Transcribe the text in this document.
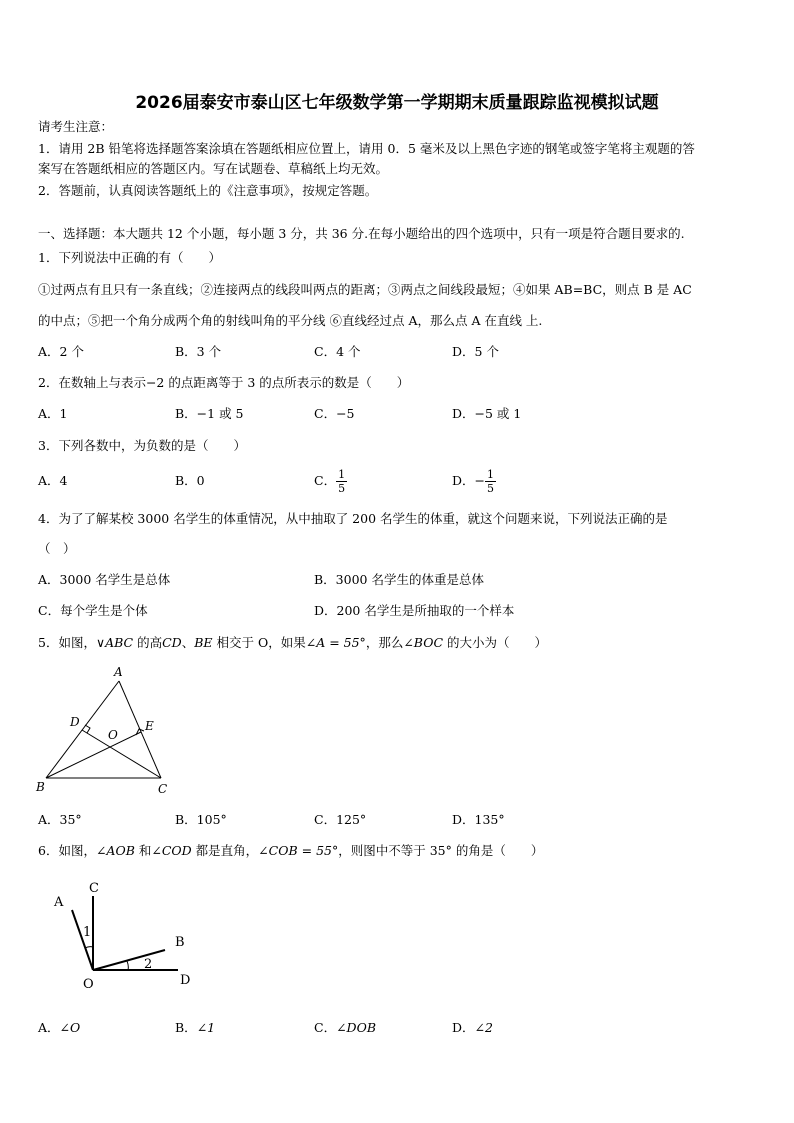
2026届泰安市泰山区七年级数学第一学期期末质量跟踪监视模拟试题
请考生注意：
1．请用 2B 铅笔将选择题答案涂填在答题纸相应位置上，请用 0．5 毫米及以上黑色字迹的钢笔或签字笔将主观题的答
案写在答题纸相应的答题区内。写在试题卷、草稿纸上均无效。
2．答题前，认真阅读答题纸上的《注意事项》，按规定答题。
一、选择题：本大题共 12 个小题，每小题 3 分，共 36 分.在每小题给出的四个选项中，只有一项是符合题目要求的.
1．下列说法中正确的有（　　）
①过两点有且只有一条直线；②连接两点的线段叫两点的距离；③两点之间线段最短；④如果 AB=BC，则点 B 是 AC
的中点；⑤把一个角分成两个角的射线叫角的平分线 ⑥直线经过点 A，那么点 A 在直线 上.
A．2 个	B．3 个	C．4 个	D．5 个
2．在数轴上与表示−2 的点距离等于 3 的点所表示的数是（　　）
A．1	B．−1 或 5	C．−5	D．−5 或 1
3．下列各数中，为负数的是（　　）
A．4	B．0	C． $\frac{1}{5}$	D．− $\frac{1}{5}$
4．为了了解某校 3000 名学生的体重情况，从中抽取了 200 名学生的体重，就这个问题来说，下列说法正确的是
（　）
A．3000 名学生是总体	B．3000 名学生的体重是总体
C．每个学生是个体	D．200 名学生是所抽取的一个样本
5．如图，∨ABC 的高CD、BE 相交于 O，如果∠A = 55°，那么∠BOC 的大小为（　　）
A
B	C
D	E
O
A．35°	B．105°	C．125°	D．135°
6．如图，∠AOB 和∠COD 都是直角，∠COB = 55°，则图中不等于 35° 的角是（　　）
C
A
B
D
O
1
2
A．∠O	B．∠1	C．∠DOB	D．∠2
